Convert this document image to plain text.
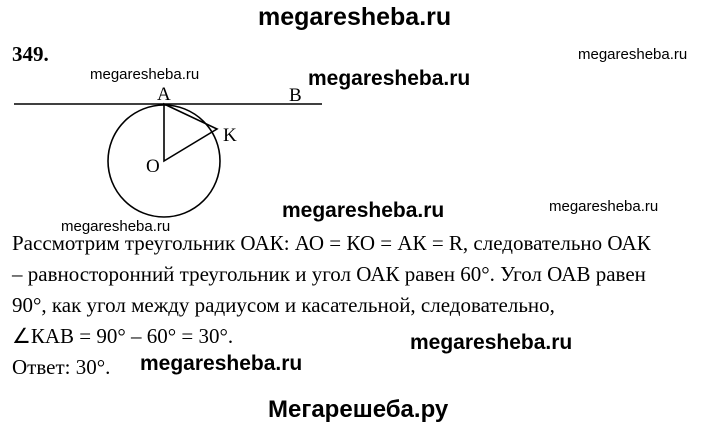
megaresheba.ru
349.	megaresheba.ru
megaresheba.ru	megaresheba.ru
A	B
K
O
megaresheba.ru	megaresheba.ru
megaresheba.ru
Рассмотрим треугольник ОАК: АО = КО = АК = R, следовательно ОАК
– равносторонний треугольник и угол ОАК равен 60°. Угол ОАВ равен
90°, как угол между радиусом и касательной, следовательно,
∠КАВ = 90° – 60° = 30°.
Ответ: 30°.
megaresheba.ru
megaresheba.ru
Мегарешеба.ру
